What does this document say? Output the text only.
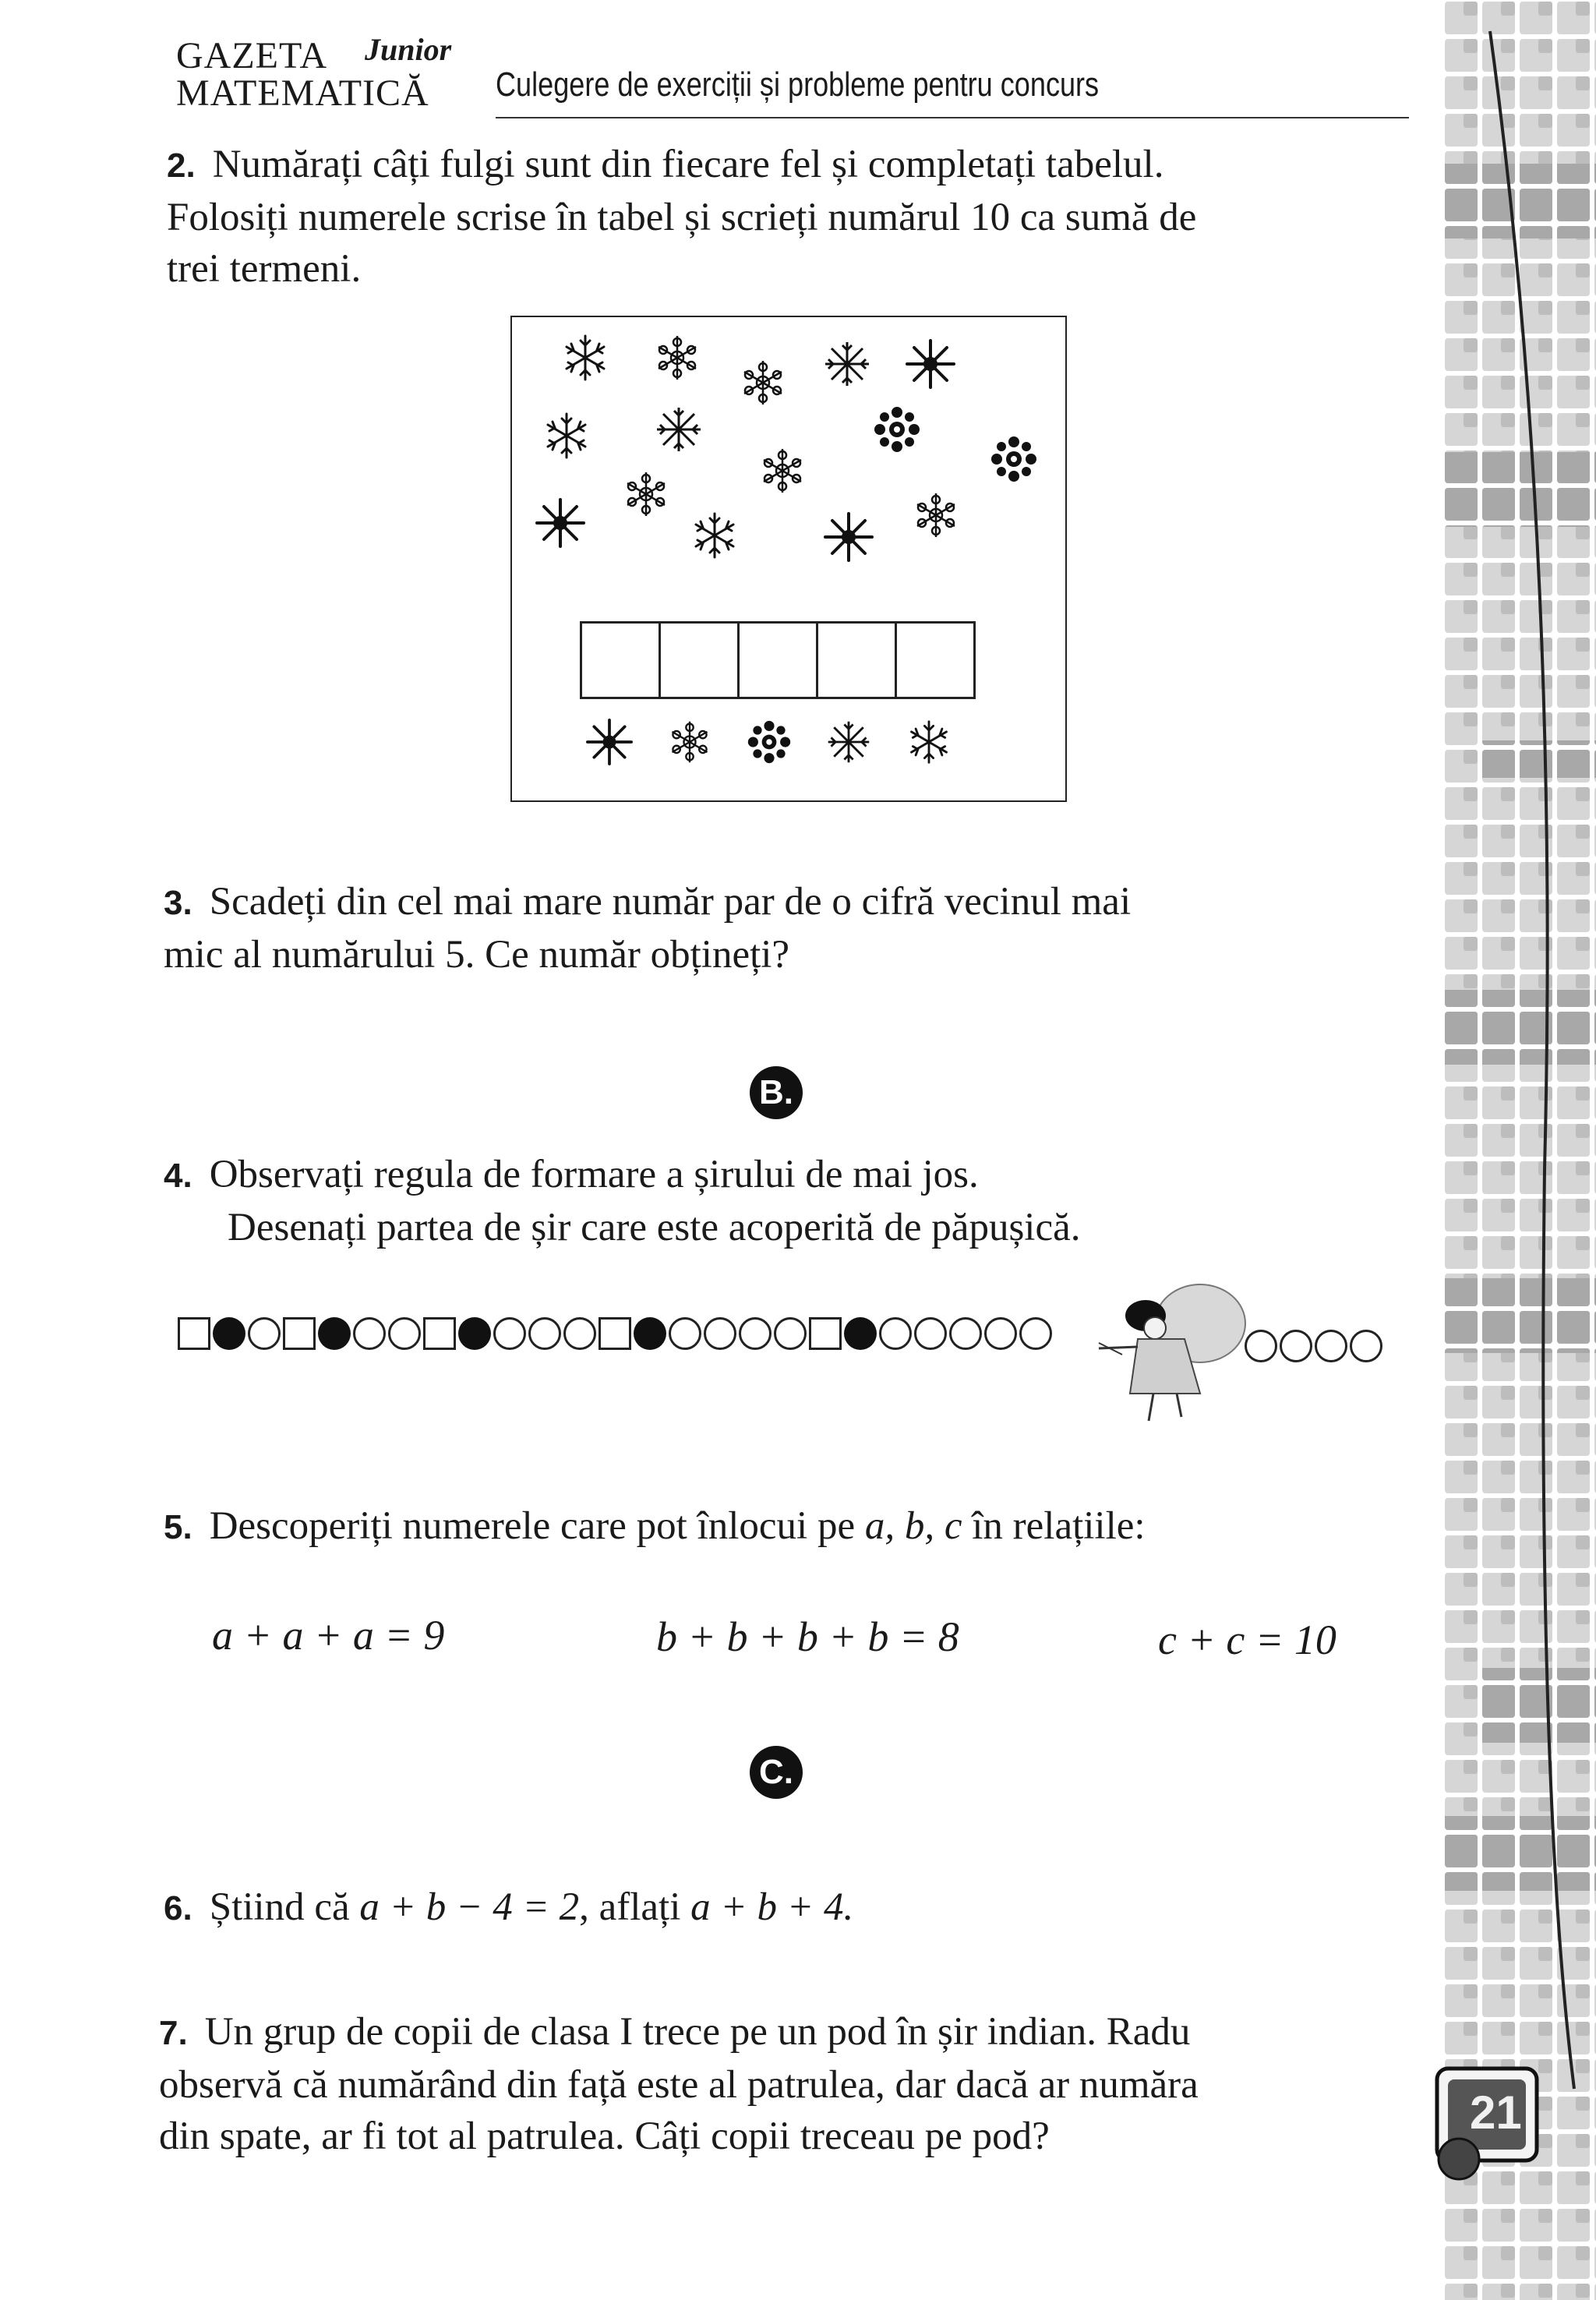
GAZETA
MATEMATICĂ
Junior
Culegere de exerciții și probleme pentru concurs

2. Numărați câți fulgi sunt din fiecare fel și completați tabelul.

Folosiți numerele scrise în tabel și scrieți numărul 10 ca sumă de

trei termeni.

3. Scadeți din cel mai mare număr par de o cifră vecinul mai

mic al numărului 5. Ce număr obțineți?

B.

4. Observați regula de formare a șirului de mai jos.

Desenați partea de șir care este acoperită de păpușică.

5. Descoperiți numerele care pot înlocui pe a, b, c în relațiile:

a + a + a = 9	b + b + b + b = 8	c + c = 10
C.

6. Știind că a + b − 4 = 2, aflați a + b + 4.

7. Un grup de copii de clasa I trece pe un pod în șir indian. Radu

observă că numărând din față este al patrulea, dar dacă ar număra

din spate, ar fi tot al patrulea. Câți copii treceau pe pod?	21
